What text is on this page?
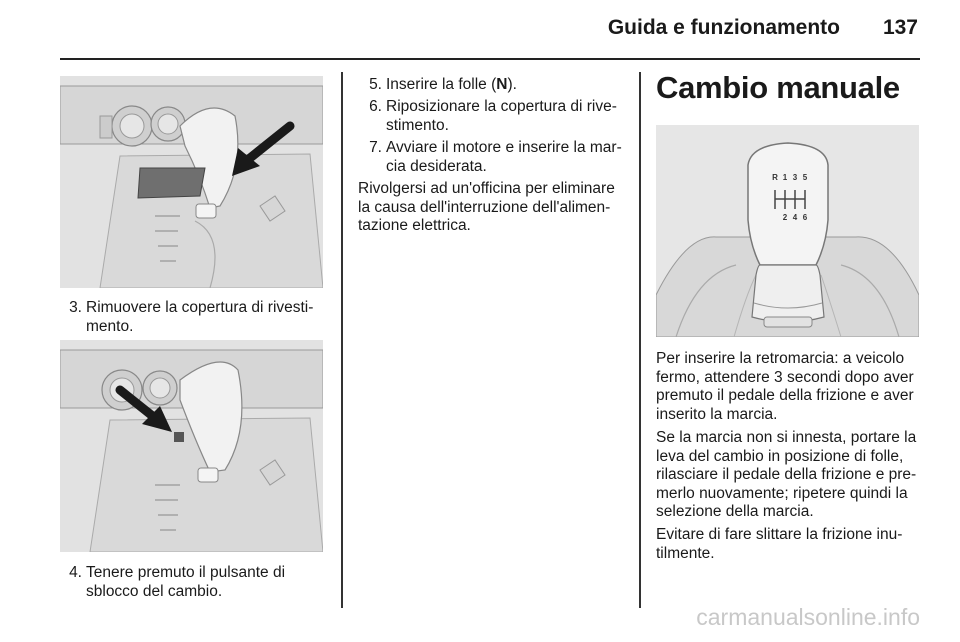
Guida e funzionamento	137
3. Rimuovere la copertura di rivesti-
mento.
4. Tenere premuto il pulsante di
sblocco del cambio.
5. Inserire la folle (N).
6. Riposizionare la copertura di rive-
stimento.
7. Avviare il motore e inserire la mar-
cia desiderata.
Rivolgersi ad un'officina per eliminare
la causa dell'interruzione dell'alimen-
tazione elettrica.
Cambio manuale
R 1 3 5
2 4 6
Per inserire la retromarcia: a veicolo
fermo, attendere 3 secondi dopo aver
premuto il pedale della frizione e aver
inserito la marcia.
Se la marcia non si innesta, portare la
leva del cambio in posizione di folle,
rilasciare il pedale della frizione e pre-
merlo nuovamente; ripetere quindi la
selezione della marcia.
Evitare di fare slittare la frizione inu-
tilmente.
carmanualsonline.info
